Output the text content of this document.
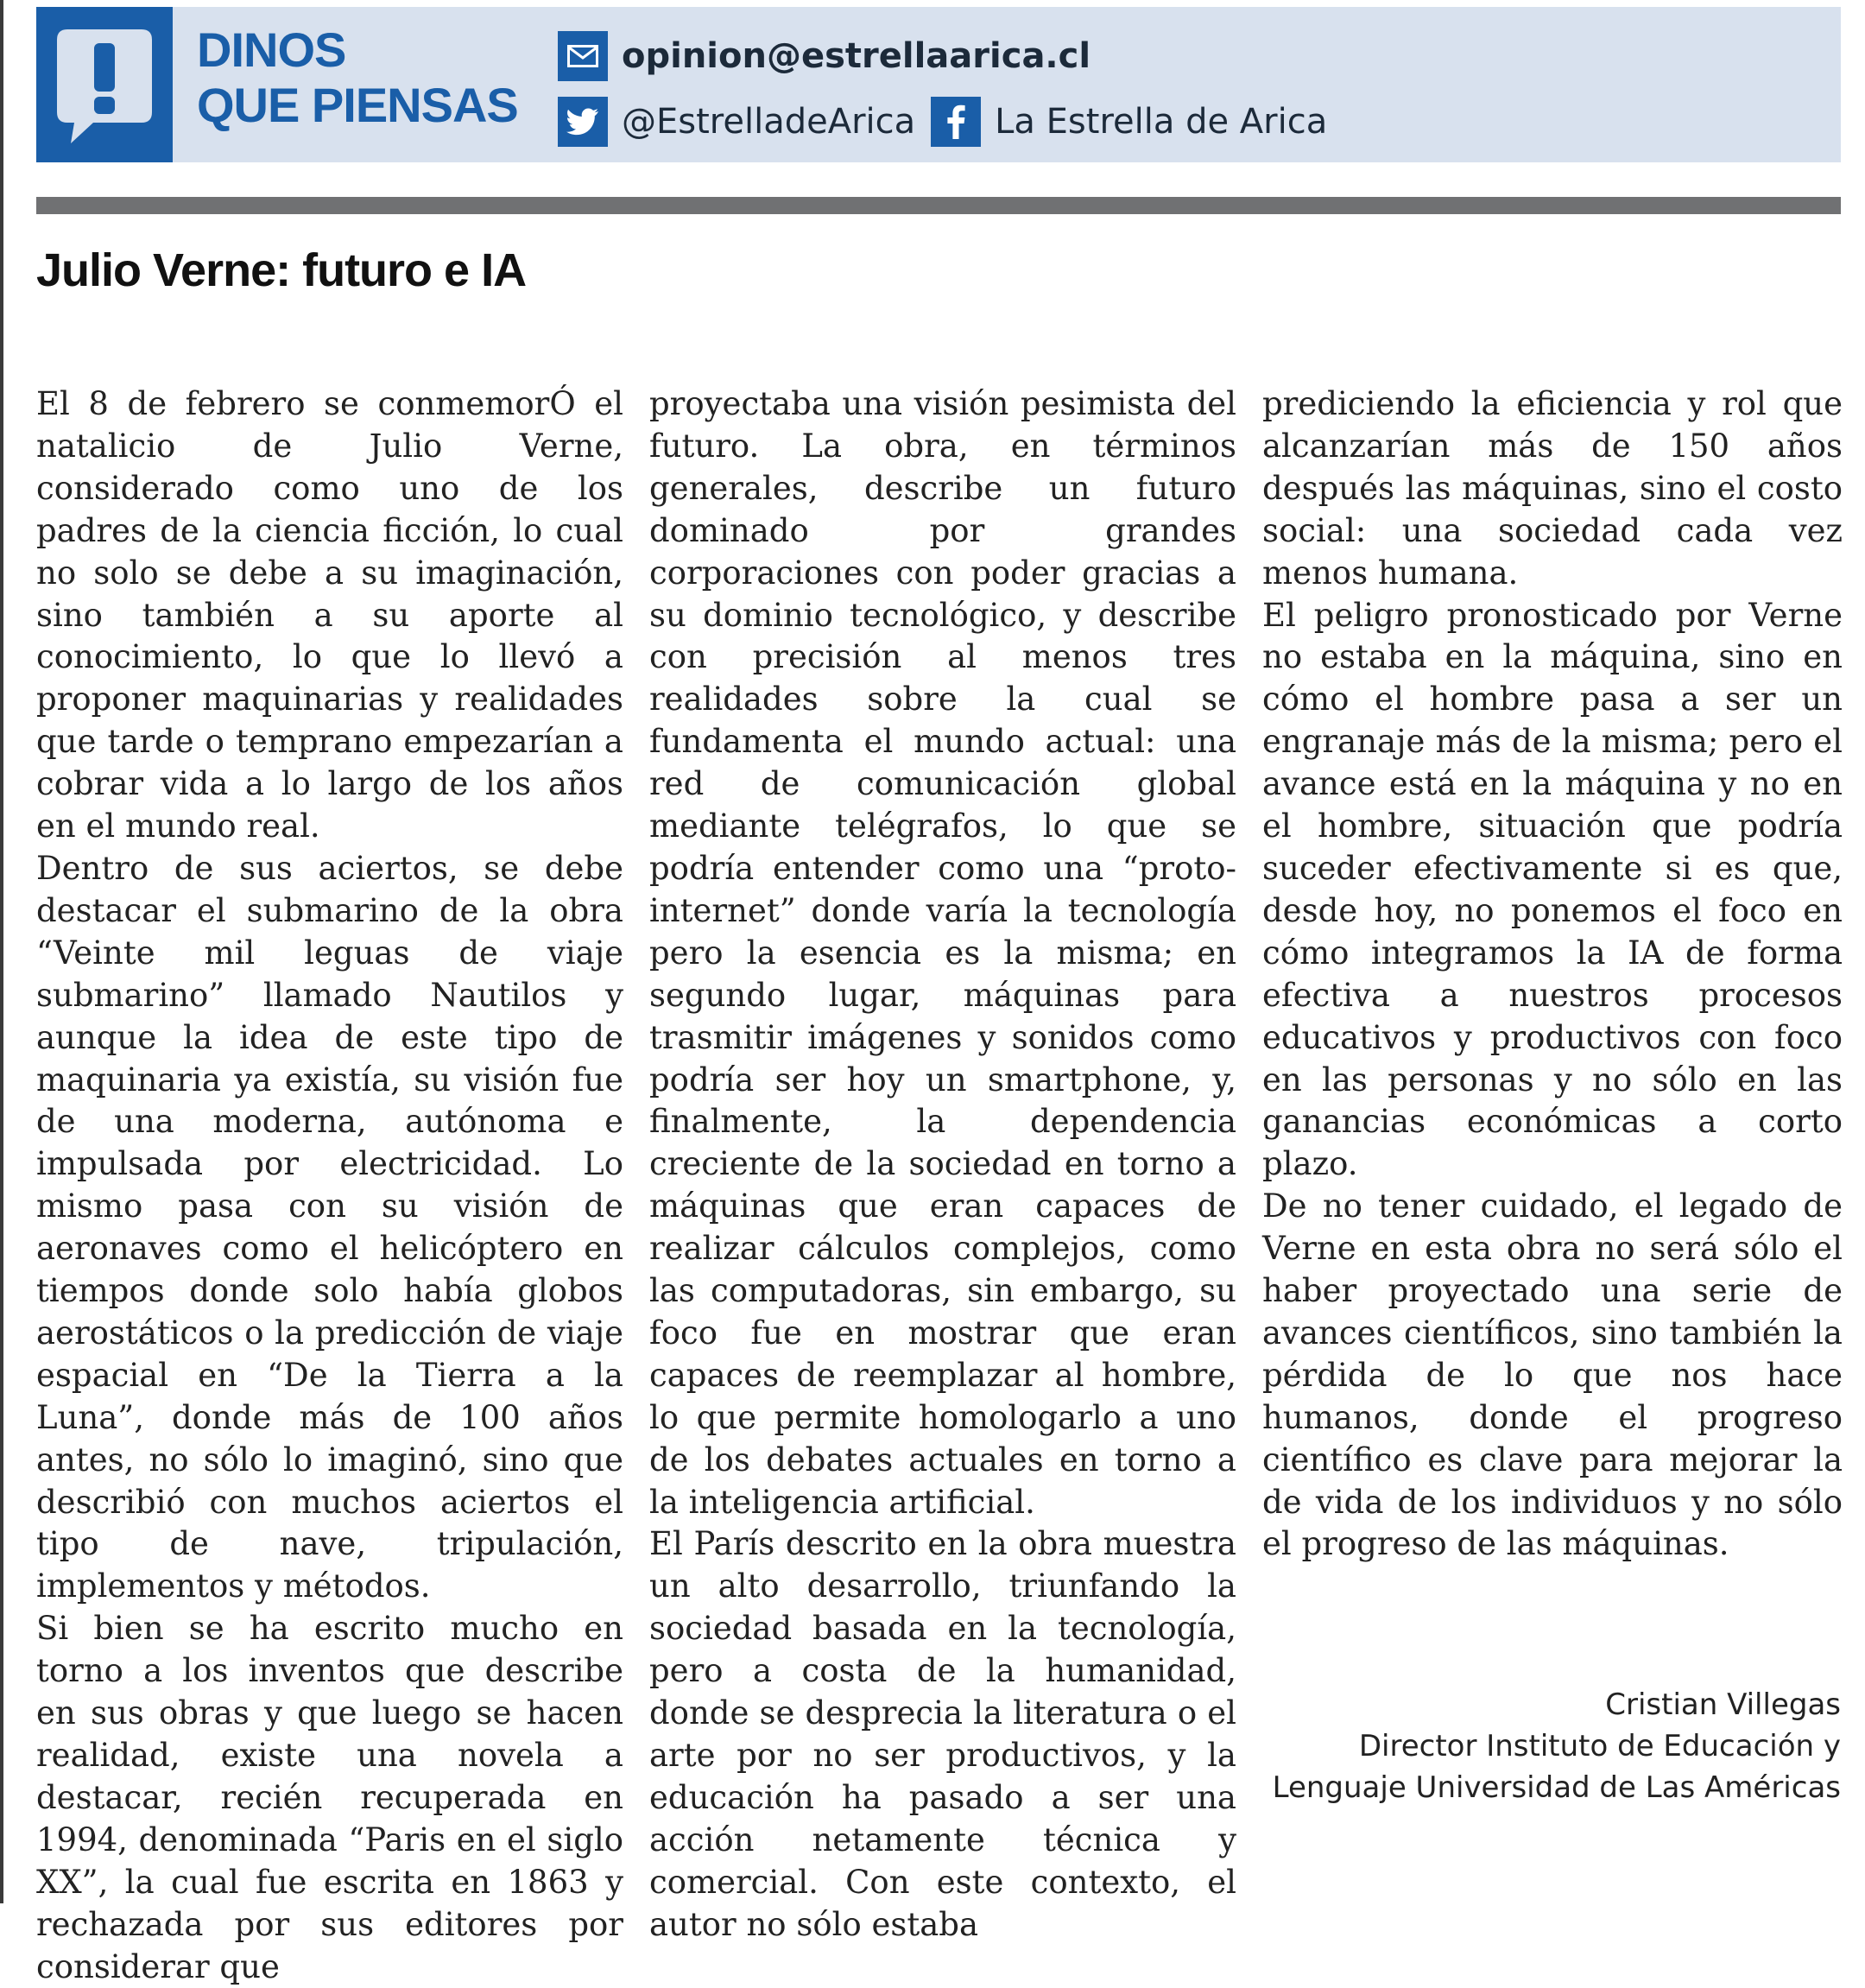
DINOS
QUE PIENSAS
opinion@estrellaarica.cl
@EstrelladeArica La Estrella de Arica
Julio Verne: futuro e IA

El 8 de febrero se conmemorÓ el natalicio de Julio Verne, considerado como uno de los padres de la ciencia ficción, lo cual no solo se debe a su imaginación, sino también a su aporte al conocimiento, lo que lo llevó a proponer maquinarias y realidades que tarde o temprano empezarían a cobrar vida a lo largo de los años en el mundo real.

Dentro de sus aciertos, se debe destacar el submarino de la obra “Veinte mil leguas de viaje submarino” llamado Nautilos y aunque la idea de este tipo de maquinaria ya existía, su visión fue de una moderna, autónoma e impulsada por electricidad. Lo mismo pasa con su visión de aeronaves como el helicóptero en tiempos donde solo había globos aerostáticos o la predicción de viaje espacial en “De la Tierra a la Luna”, donde más de 100 años antes, no sólo lo imaginó, sino que describió con muchos aciertos el tipo de nave, tripulación, implementos y métodos.

Si bien se ha escrito mucho en torno a los inventos que describe en sus obras y que luego se hacen realidad, existe una novela a destacar, recién recuperada en 1994, denominada “Paris en el siglo XX”, la cual fue escrita en 1863 y rechazada por sus editores por considerar que

proyectaba una visión pesimista del futuro. La obra, en términos generales, describe un futuro dominado por grandes corporaciones con poder gracias a su dominio tecnológico, y describe con precisión al menos tres realidades sobre la cual se fundamenta el mundo actual: una red de comunicación global mediante telégrafos, lo que se podría entender como una “proto-internet” donde varía la tecnología pero la esencia es la misma; en segundo lugar, máquinas para trasmitir imágenes y sonidos como podría ser hoy un smartphone, y, finalmente, la dependencia creciente de la sociedad en torno a máquinas que eran capaces de realizar cálculos complejos, como las computadoras, sin embargo, su foco fue en mostrar que eran capaces de reemplazar al hombre, lo que permite homologarlo a uno de los debates actuales en torno a la inteligencia artificial.

El París descrito en la obra muestra un alto desarrollo, triunfando la sociedad basada en la tecnología, pero a costa de la humanidad, donde se desprecia la literatura o el arte por no ser productivos, y la educación ha pasado a ser una acción netamente técnica y comercial. Con este contexto, el autor no sólo estaba

prediciendo la eficiencia y rol que alcanzarían más de 150 años después las máquinas, sino el costo social: una sociedad cada vez menos humana.

El peligro pronosticado por Verne no estaba en la máquina, sino en cómo el hombre pasa a ser un engranaje más de la misma; pero el avance está en la máquina y no en el hombre, situación que podría suceder efectivamente si es que, desde hoy, no ponemos el foco en cómo integramos la IA de forma efectiva a nuestros procesos educativos y productivos con foco en las personas y no sólo en las ganancias económicas a corto plazo.

De no tener cuidado, el legado de Verne en esta obra no será sólo el haber proyectado una serie de avances científicos, sino también la pérdida de lo que nos hace humanos, donde el progreso científico es clave para mejorar la de vida de los individuos y no sólo el progreso de las máquinas.

Cristian Villegas
Director Instituto de Educación y
Lenguaje Universidad de Las Américas
